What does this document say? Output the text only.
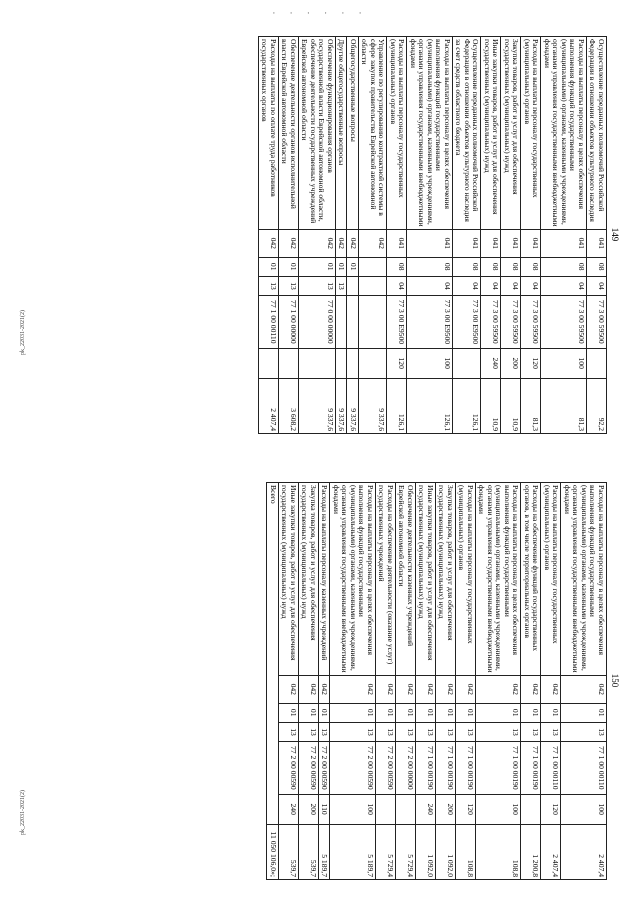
· · · · · ·
149
Осуществление переданных полномочий Российской Федерации в отношении объектов культурного наследия	041	08	04	77 3 00 59500		92,2
Расходы на выплаты персоналу в целях обеспечения выполнения функций государственными (муниципальными) органами, казенными учреждениями, органами управления государственными внебюджетными фондами	041	08	04	77 3 00 59500	100	81,3
Расходы на выплаты персоналу государственных (муниципальных) органов	041	08	04	77 3 00 59500	120	81,3
Закупка товаров, работ и услуг для обеспечения государственных (муниципальных) нужд	041	08	04	77 3 00 59500	200	10,9
Иные закупки товаров, работ и услуг для обеспечения государственных (муниципальных) нужд	041	08	04	77 3 00 59500	240	10,9
Осуществление переданных полномочий Российской Федерации в отношении объектов культурного наследия за счет средств областного бюджета	041	08	04	77 3 00 Е9500		126,1
Расходы на выплаты персоналу в целях обеспечения выполнения функций государственными (муниципальными) органами, казенными учреждениями, органами управления государственными внебюджетными фондами	041	08	04	77 3 00 Е9500	100	126,1
Расходы на выплаты персоналу государственных (муниципальных) органов	041	08	04	77 3 00 Е9500	120	126,1
Управление по регулированию контрактной системы в сфере закупок правительства Еврейской автономной области	042					9 337,6
Общегосударственные вопросы	042	01				9 337,6
Другие общегосударственные вопросы	042	01	13			9 337,6
Обеспечение функционирования органов государственной власти Еврейской автономной области, обеспечение деятельности государственных учреждений Еврейской автономной области	042	01	13	77 0 00 00000		9 337,6
Обеспечение деятельности органов исполнительной власти Еврейской автономной области	042	01	13	77 1 00 00000		3 608,2
Расходы на выплаты по оплате труда работников государственных органов	042	01	13	77 1 00 00110		2 407,4
pk_22031-2021(2)
150
Расходы на выплаты персоналу в целях обеспечения выполнения функций государственными (муниципальными) органами, казенными учреждениями, органами управления государственными внебюджетными фондами	042	01	13	77 1 00 00110	100	2 407,4
Расходы на выплаты персоналу государственных (муниципальных) органов	042	01	13	77 1 00 00110	120	2 407,4
Расходы на обеспечение функций государственных органов, в том числе территориальных органов	042	01	13	77 1 00 00190		1 200,8
Расходы на выплаты персоналу в целях обеспечения выполнения функций государственными (муниципальными) органами, казенными учреждениями, органами управления государственными внебюджетными фондами	042	01	13	77 1 00 00190	100	108,8
Расходы на выплаты персоналу государственных (муниципальных) органов	042	01	13	77 1 00 00190	120	108,8
Закупка товаров, работ и услуг для обеспечения государственных (муниципальных) нужд	042	01	13	77 1 00 00190	200	1 092,0
Иные закупки товаров, работ и услуг для обеспечения государственных (муниципальных) нужд	042	01	13	77 1 00 00190	240	1 092,0
Обеспечение деятельности казенных учреждений Еврейской автономной области	042	01	13	77 2 00 00000		5 729,4
Расходы на обеспечение деятельности (оказание услуг) государственных учреждений	042	01	13	77 2 00 00590		5 729,4
Расходы на выплаты персоналу в целях обеспечения выполнения функций государственными (муниципальными) органами, казенными учреждениями, органами управления государственными внебюджетными фондами	042	01	13	77 2 00 00590	100	5 189,7
Расходы на выплаты персоналу казенных учреждений	042	01	13	77 2 00 00590	110	5 189,7
Закупка товаров, работ и услуг для обеспечения государственных (муниципальных) нужд	042	01	13	77 2 00 00590	200	539,7
Иные закупки товаров, работ и услуг для обеспечения государственных (муниципальных) нужд	042	01	13	77 2 00 00590	240	539,7
Всего						11 050 106,0»;
pk_22031-2021(2)
